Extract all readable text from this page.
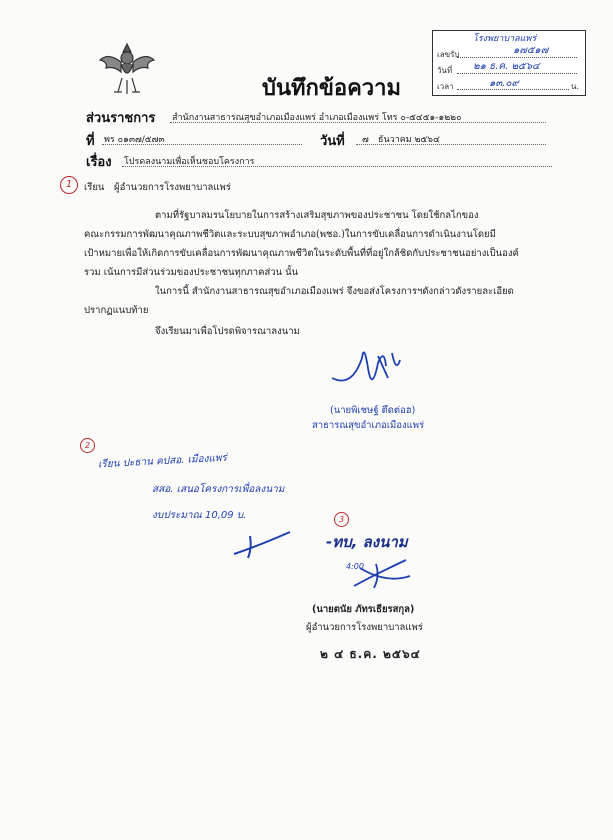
บันทึกข้อความ
โรงพยาบาลแพร่
เลขรับ	๑๗๕๑๗
วันที่ ๒๑ ธ.ค. ๒๕๖๔
เวลา	๑๓.๐๙	น.
ส่วนราชการ สำนักงานสาธารณสุขอำเภอเมืองแพร่ อำเภอเมืองแพร่ โทร ๐-๕๔๕๑-๑๒๒๐
ที่ พร ๐๑๓๗/๕๗๓	วันที่ ๗ ธันวาคม ๒๕๖๔
เรื่อง โปรดลงนามเพื่อเห็นชอบโครงการ
1	เรียน ผู้อำนวยการโรงพยาบาลแพร่
ตามที่รัฐบาลมรนโยบายในการสร้างเสริมสุขภาพของประชาชน โดยใช้กลไกของ
คณะกรรมการพัฒนาคุณภาพชีวิตและระบบสุขภาพอำเภอ(พชอ.)ในการขับเคลื่อนการดำเนินงานโดยมี
เป้าหมายเพื่อให้เกิดการขับเคลื่อนการพัฒนาคุณภาพชีวิตในระดับพื้นที่ที่อยู่ใกล้ชิดกับประชาชนอย่างเป็นองค์
รวม เน้นการมีส่วนร่วมของประชาชนทุกภาคส่วน นั้น
ในการนี้ สำนักงานสาธารณสุขอำเภอเมืองแพร่ จึงขอส่งโครงการฯดังกล่าวดังรายละเอียด
ปรากฏแนบท้าย
จึงเรียนมาเพื่อโปรดพิจารณาลงนาม
(นายพิเชษฐ์ ตึดต่อฮ)
สาธารณสุขอำเภอเมืองแพร่
2
เรียน ปะธาน คปสอ. เมืองแพร่
สสอ. เสนอโครงการเพื่อลงนาม
งบประมาณ 10,09 บ.	3
-ทบ, ลงนาม
4:00
(นายตนัย ภัทรเธียรสกุล)
ผู้อำนวยการโรงพยาบาลแพร่
๒ ๔ ธ.ค. ๒๕๖๔
